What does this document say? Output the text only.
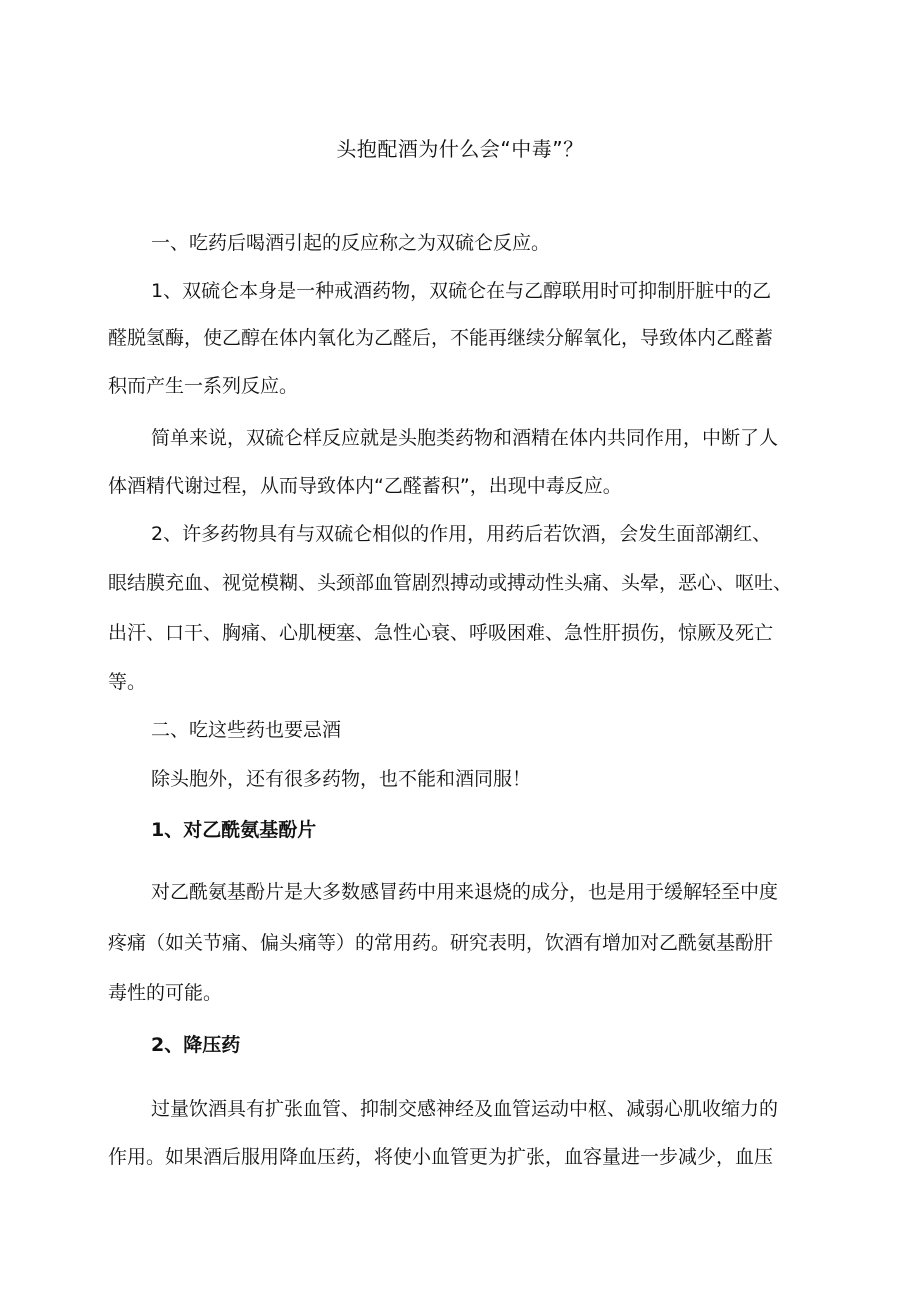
头抱配酒为什么会“中毒”？
一、吃药后喝酒引起的反应称之为双硫仑反应。
1、双硫仑本身是一种戒酒药物，双硫仑在与乙醇联用时可抑制肝脏中的乙
醛脱氢酶，使乙醇在体内氧化为乙醛后，不能再继续分解氧化，导致体内乙醛蓄
积而产生一系列反应。
简单来说，双硫仑样反应就是头胞类药物和酒精在体内共同作用，中断了人
体酒精代谢过程，从而导致体内“乙醛蓄积”，出现中毒反应。
2、许多药物具有与双硫仑相似的作用，用药后若饮酒，会发生面部潮红、
眼结膜充血、视觉模糊、头颈部血管剧烈搏动或搏动性头痛、头晕，恶心、呕吐、
出汗、口干、胸痛、心肌梗塞、急性心衰、呼吸困难、急性肝损伤，惊厥及死亡
等。
二、吃这些药也要忌酒
除头胞外，还有很多药物，也不能和酒同服！
1、对乙酰氨基酚片
对乙酰氨基酚片是大多数感冒药中用来退烧的成分，也是用于缓解轻至中度
疼痛（如关节痛、偏头痛等）的常用药。研究表明，饮酒有增加对乙酰氨基酚肝
毒性的可能。
2、降压药
过量饮酒具有扩张血管、抑制交感神经及血管运动中枢、减弱心肌收缩力的
作用。如果酒后服用降血压药，将使小血管更为扩张，血容量进一步减少，血压
